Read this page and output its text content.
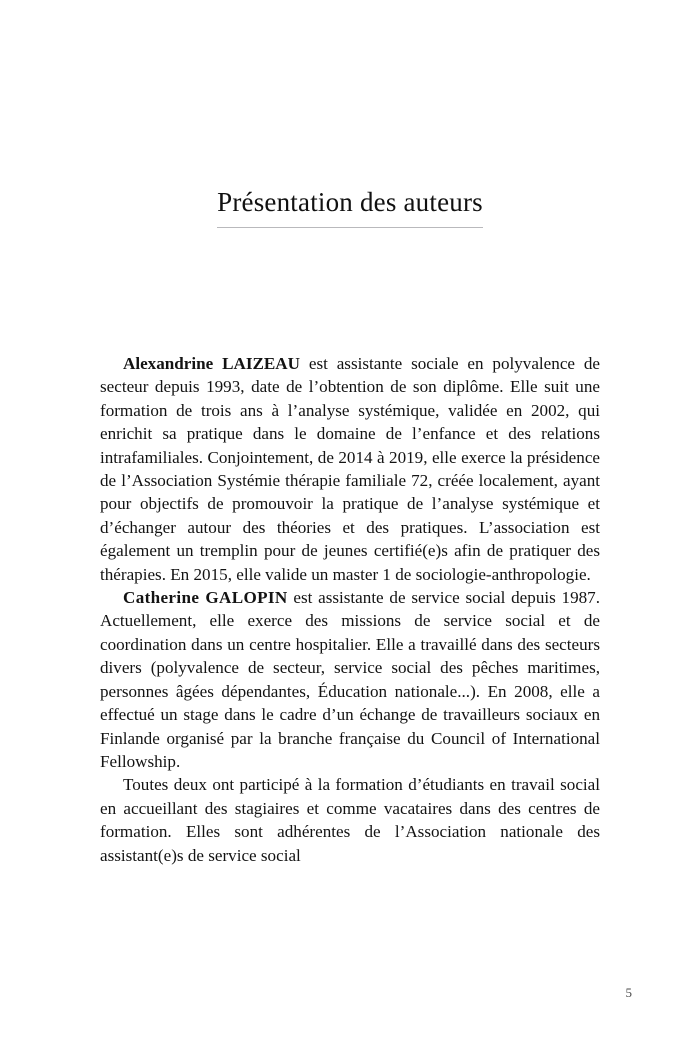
Présentation des auteurs

Alexandrine LAIZEAU est assistante sociale en polyvalence de secteur depuis 1993, date de l’obtention de son diplôme. Elle suit une formation de trois ans à l’analyse systémique, validée en 2002, qui enrichit sa pratique dans le domaine de l’enfance et des relations intrafamiliales. Conjointement, de 2014 à 2019, elle exerce la présidence de l’Association Systémie thérapie familiale 72, créée localement, ayant pour objectifs de promouvoir la pratique de l’analyse systémique et d’échanger autour des théories et des pratiques. L’association est également un tremplin pour de jeunes certifié(e)s afin de pratiquer des thérapies. En 2015, elle valide un master 1 de sociologie-anthropologie.

Catherine GALOPIN est assistante de service social depuis 1987. Actuellement, elle exerce des missions de service social et de coordination dans un centre hospitalier. Elle a travaillé dans des secteurs divers (polyvalence de secteur, service social des pêches maritimes, personnes âgées dépendantes, Éducation nationale...). En 2008, elle a effectué un stage dans le cadre d’un échange de travailleurs sociaux en Finlande organisé par la branche française du Council of International Fellowship.

Toutes deux ont participé à la formation d’étudiants en travail social en accueillant des stagiaires et comme vacataires dans des centres de formation. Elles sont adhérentes de l’Association nationale des assistant(e)s de service social

5
